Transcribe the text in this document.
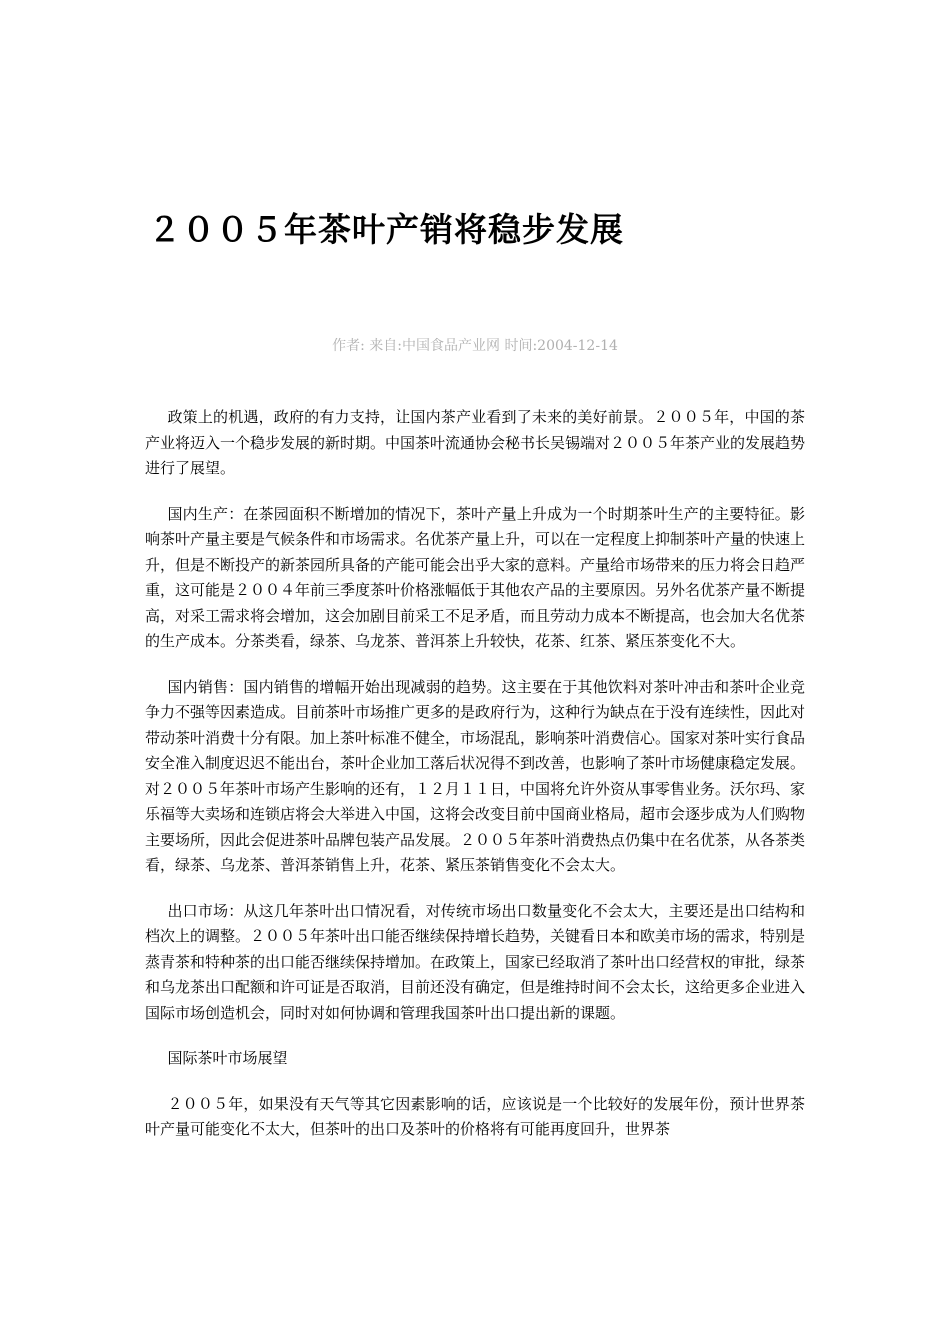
２００５年茶叶产销将稳步发展
作者: 来自:中国食品产业网 时间:2004-12-14

政策上的机遇，政府的有力支持，让国内茶产业看到了未来的美好前景。２００５年，中国的茶产业将迈入一个稳步发展的新时期。中国茶叶流通协会秘书长吴锡端对２００５年茶产业的发展趋势进行了展望。

国内生产：在茶园面积不断增加的情况下，茶叶产量上升成为一个时期茶叶生产的主要特征。影响茶叶产量主要是气候条件和市场需求。名优茶产量上升，可以在一定程度上抑制茶叶产量的快速上升，但是不断投产的新茶园所具备的产能可能会出乎大家的意料。产量给市场带来的压力将会日趋严重，这可能是２００４年前三季度茶叶价格涨幅低于其他农产品的主要原因。另外名优茶产量不断提高，对采工需求将会增加，这会加剧目前采工不足矛盾，而且劳动力成本不断提高，也会加大名优茶的生产成本。分茶类看，绿茶、乌龙茶、普洱茶上升较快，花茶、红茶、紧压茶变化不大。

国内销售：国内销售的增幅开始出现减弱的趋势。这主要在于其他饮料对茶叶冲击和茶叶企业竞争力不强等因素造成。目前茶叶市场推广更多的是政府行为，这种行为缺点在于没有连续性，因此对带动茶叶消费十分有限。加上茶叶标准不健全，市场混乱，影响茶叶消费信心。国家对茶叶实行食品安全准入制度迟迟不能出台，茶叶企业加工落后状况得不到改善，也影响了茶叶市场健康稳定发展。对２００５年茶叶市场产生影响的还有，１２月１１日，中国将允许外资从事零售业务。沃尔玛、家乐福等大卖场和连锁店将会大举进入中国，这将会改变目前中国商业格局，超市会逐步成为人们购物主要场所，因此会促进茶叶品牌包装产品发展。２００５年茶叶消费热点仍集中在名优茶，从各茶类看，绿茶、乌龙茶、普洱茶销售上升，花茶、紧压茶销售变化不会太大。

出口市场：从这几年茶叶出口情况看，对传统市场出口数量变化不会太大，主要还是出口结构和档次上的调整。２００５年茶叶出口能否继续保持增长趋势，关键看日本和欧美市场的需求，特别是蒸青茶和特种茶的出口能否继续保持增加。在政策上，国家已经取消了茶叶出口经营权的审批，绿茶和乌龙茶出口配额和许可证是否取消，目前还没有确定，但是维持时间不会太长，这给更多企业进入国际市场创造机会，同时对如何协调和管理我国茶叶出口提出新的课题。

国际茶叶市场展望

２００５年，如果没有天气等其它因素影响的话，应该说是一个比较好的发展年份，预计世界茶叶产量可能变化不太大，但茶叶的出口及茶叶的价格将有可能再度回升，世界茶
